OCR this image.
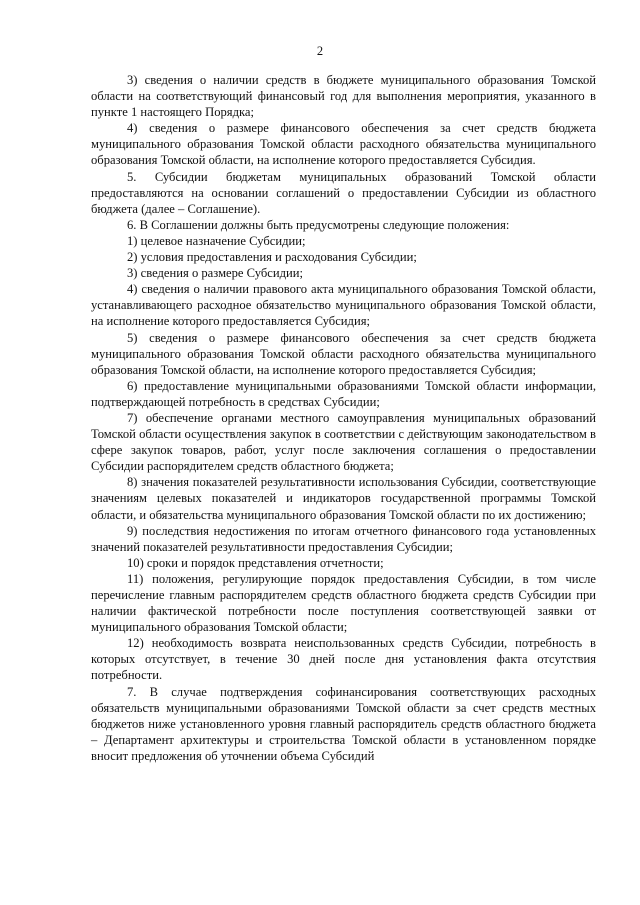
2

3) сведения о наличии средств в бюджете муниципального образования Томской области на соответствующий финансовый год для выполнения мероприятия, указанного в пункте 1 настоящего Порядка;

4) сведения о размере финансового обеспечения за счет средств бюджета муниципального образования Томской области расходного обязательства муниципального образования Томской области, на исполнение которого предоставляется Субсидия.

5. Субсидии бюджетам муниципальных образований Томской области предоставляются на основании соглашений о предоставлении Субсидии из областного бюджета (далее – Соглашение).

6. В Соглашении должны быть предусмотрены следующие положения:

1) целевое назначение Субсидии;

2) условия предоставления и расходования Субсидии;

3) сведения о размере Субсидии;

4) сведения о наличии правового акта муниципального образования Томской области, устанавливающего расходное обязательство муниципального образования Томской области, на исполнение которого предоставляется Субсидия;

5) сведения о размере финансового обеспечения за счет средств бюджета муниципального образования Томской области расходного обязательства муниципального образования Томской области, на исполнение которого предоставляется Субсидия;

6) предоставление муниципальными образованиями Томской области информации, подтверждающей потребность в средствах Субсидии;

7) обеспечение органами местного самоуправления муниципальных образований Томской области осуществления закупок в соответствии с действующим законодательством в сфере закупок товаров, работ, услуг после заключения соглашения о предоставлении Субсидии распорядителем средств областного бюджета;

8) значения показателей результативности использования Субсидии, соответствующие значениям целевых показателей и индикаторов государственной программы Томской области, и обязательства муниципального образования Томской области по их достижению;

9) последствия недостижения по итогам отчетного финансового года установленных значений показателей результативности предоставления Субсидии;

10) сроки и порядок представления отчетности;

11) положения, регулирующие порядок предоставления Субсидии, в том числе перечисление главным распорядителем средств областного бюджета средств Субсидии при наличии фактической потребности после поступления соответствующей заявки от муниципального образования Томской области;

12) необходимость возврата неиспользованных средств Субсидии, потребность в которых отсутствует, в течение 30 дней после дня установления факта отсутствия потребности.

7. В случае подтверждения софинансирования соответствующих расходных обязательств муниципальными образованиями Томской области за счет средств местных бюджетов ниже установленного уровня главный распорядитель средств областного бюджета – Департамент архитектуры и строительства Томской области в установленном порядке вносит предложения об уточнении объема Субсидий
